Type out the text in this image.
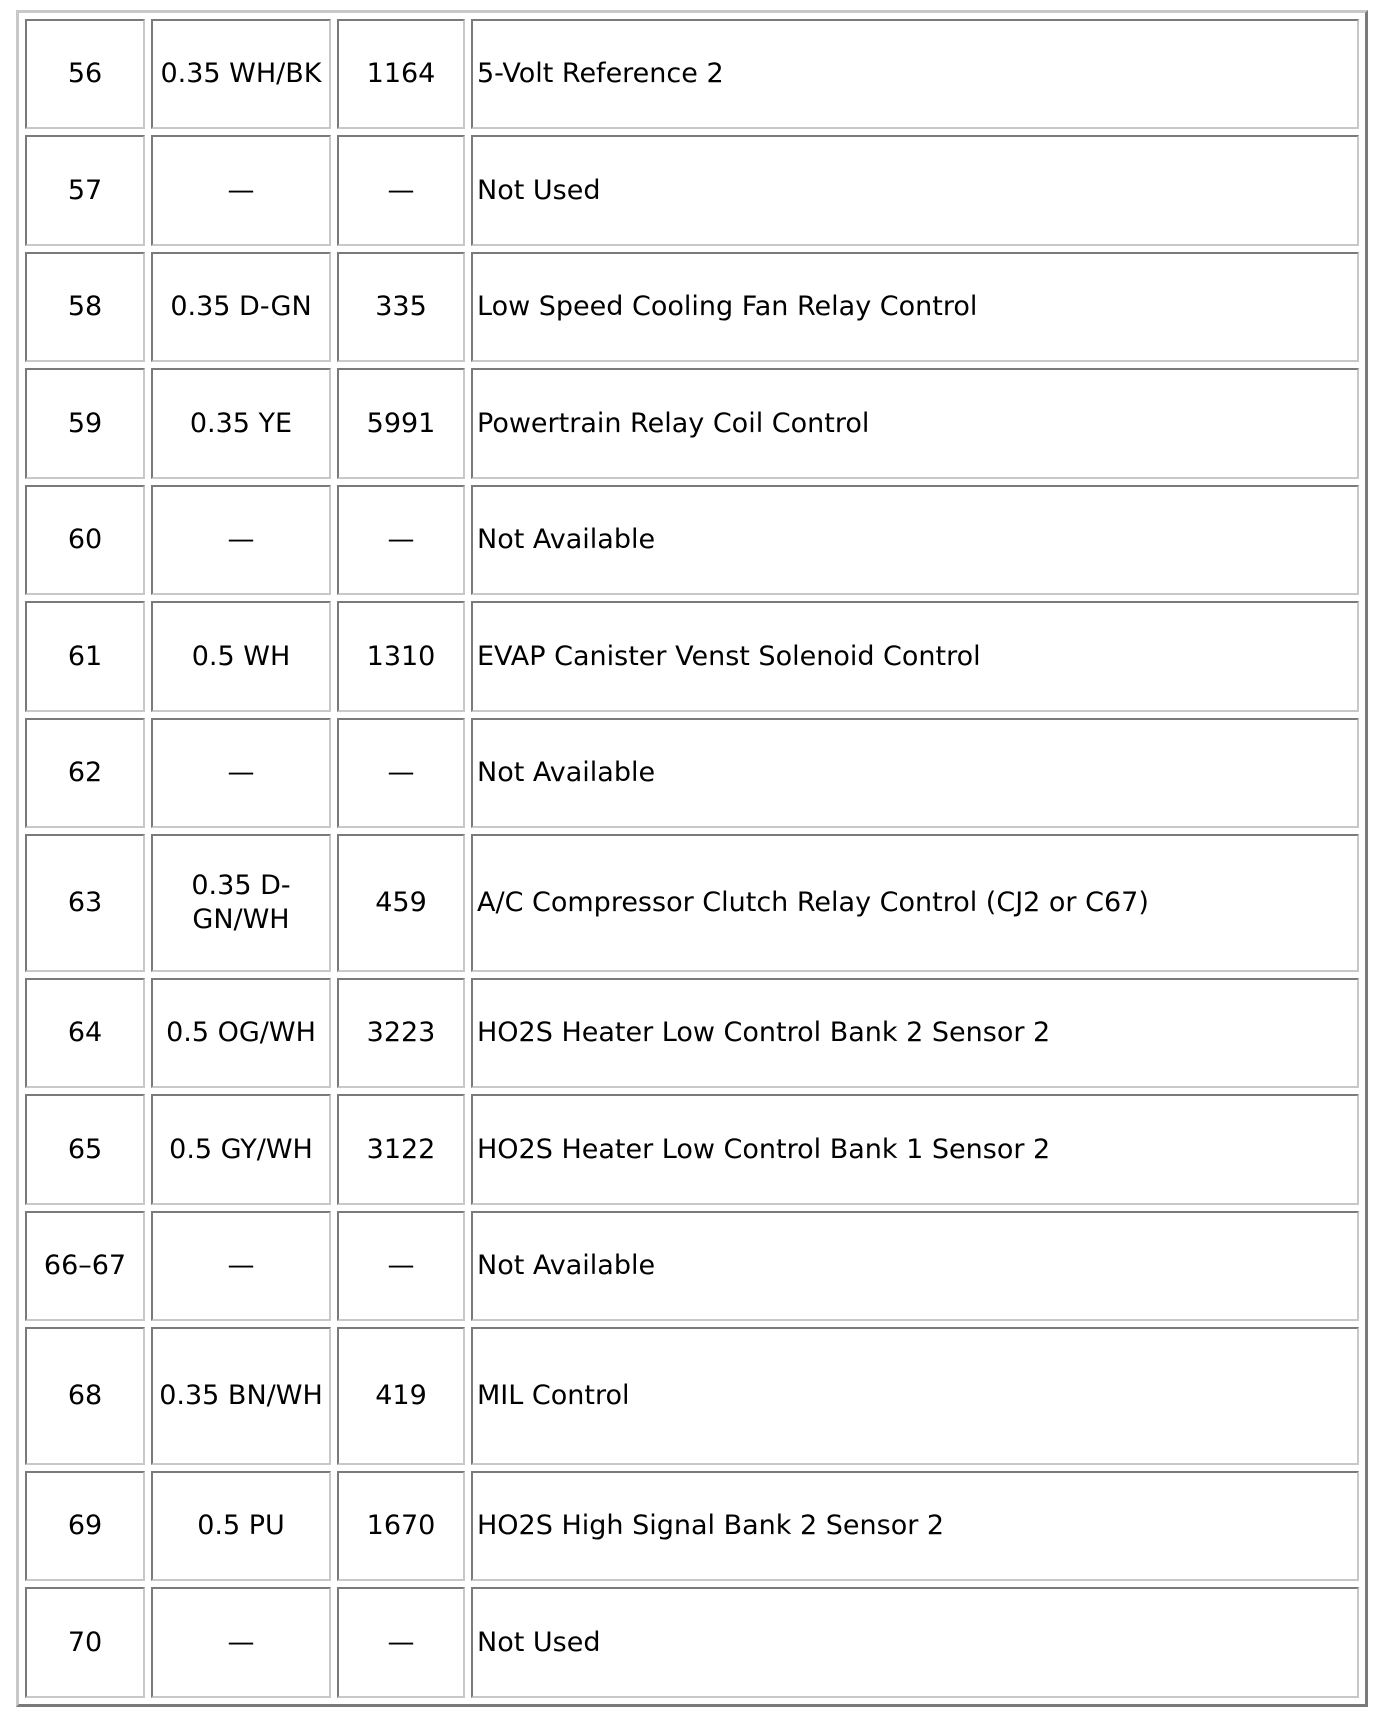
56	0.35 WH/BK	1164	5-Volt Reference 2
57	—	—	Not Used
58	0.35 D-GN	335	Low Speed Cooling Fan Relay Control
59	0.35 YE	5991	Powertrain Relay Coil Control
60	—	—	Not Available
61	0.5 WH	1310	EVAP Canister Venst Solenoid Control
62	—	—	Not Available
63	0.35 D-GN/WH	459	A/C Compressor Clutch Relay Control (CJ2 or C67)
64	0.5 OG/WH	3223	HO2S Heater Low Control Bank 2 Sensor 2
65	0.5 GY/WH	3122	HO2S Heater Low Control Bank 1 Sensor 2
66–67	—	—	Not Available
68	0.35 BN/WH	419	MIL Control
69	0.5 PU	1670	HO2S High Signal Bank 2 Sensor 2
70	—	—	Not Used
